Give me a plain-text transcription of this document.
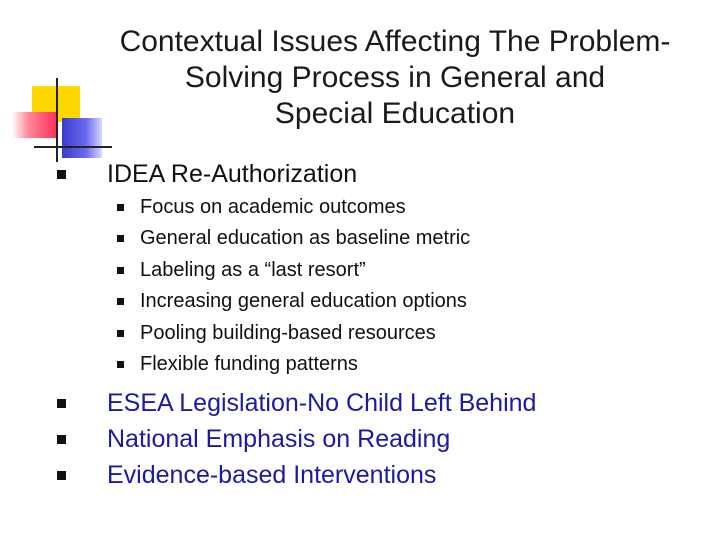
Contextual Issues Affecting The Problem-
Solving Process in General and
Special Education
IDEA Re-Authorization
Focus on academic outcomes
General education as baseline metric
Labeling as a “last resort”
Increasing general education options
Pooling building-based resources
Flexible funding patterns
ESEA Legislation-No Child Left Behind
National Emphasis on Reading
Evidence-based Interventions
